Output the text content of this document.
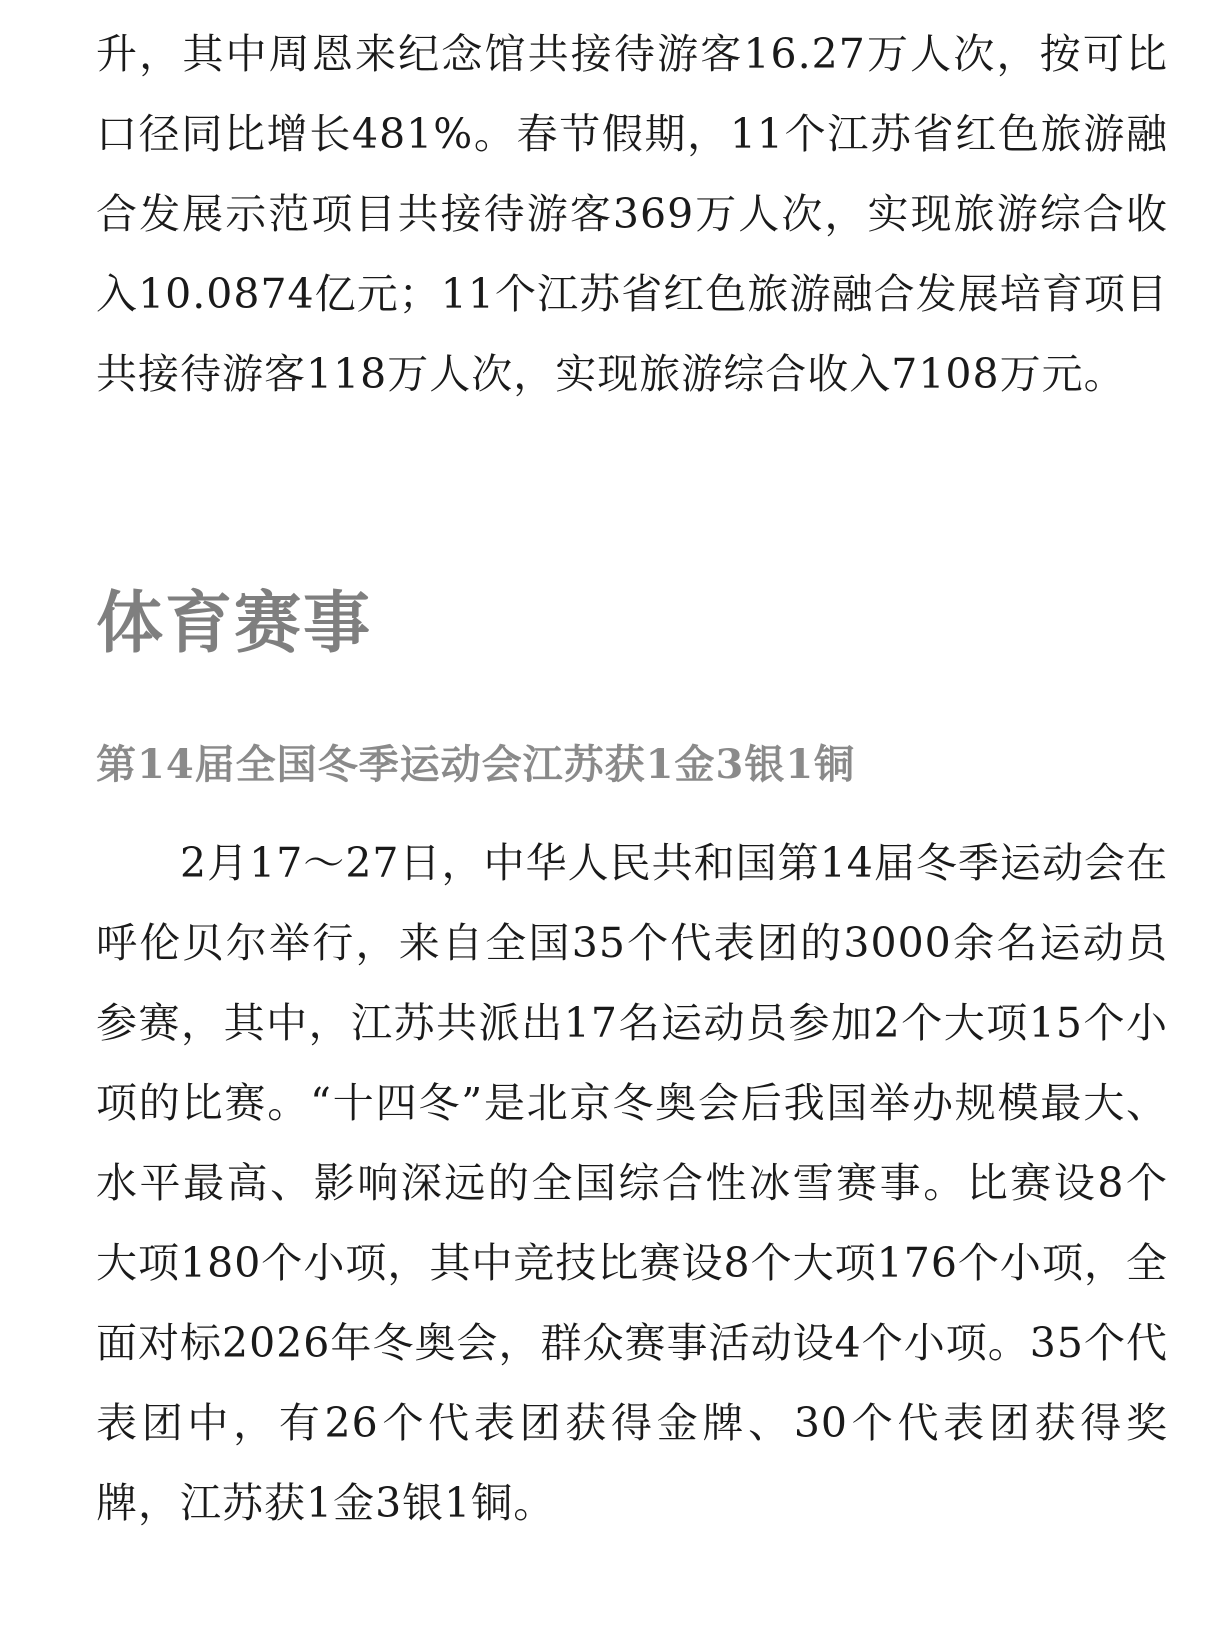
升，其中周恩来纪念馆共接待游客16.27万人次，按可比口径同比增长481%。春节假期，11个江苏省红色旅游融合发展示范项目共接待游客369万人次，实现旅游综合收入10.0874亿元；11个江苏省红色旅游融合发展培育项目共接待游客118万人次，实现旅游综合收入7108万元。

体育赛事
第14届全国冬季运动会江苏获1金3银1铜

2月17～27日，中华人民共和国第14届冬季运动会在呼伦贝尔举行，来自全国35个代表团的3000余名运动员参赛，其中，江苏共派出17名运动员参加2个大项15个小项的比赛。“十四冬”是北京冬奥会后我国举办规模最大、水平最高、影响深远的全国综合性冰雪赛事。比赛设8个大项180个小项，其中竞技比赛设8个大项176个小项，全面对标2026年冬奥会，群众赛事活动设4个小项。35个代表团中，有26个代表团获得金牌、30个代表团获得奖牌，江苏获1金3银1铜。
